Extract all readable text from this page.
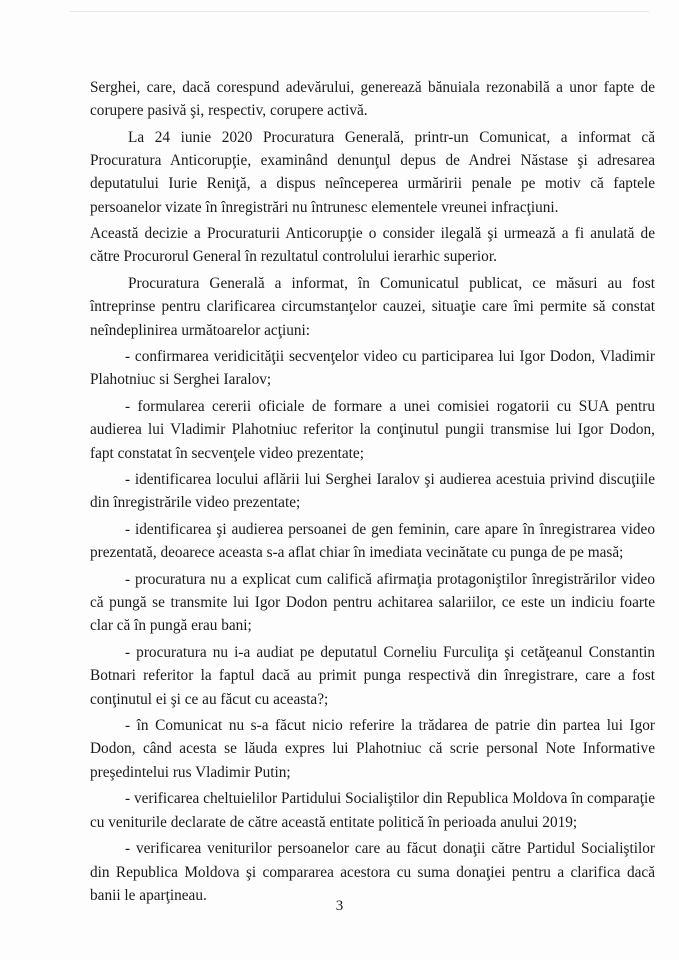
Serghei, care, dacă corespund adevărului, generează bănuiala rezonabilă a unor fapte de corupere pasivă şi, respectiv, corupere activă.

La 24 iunie 2020 Procuratura Generală, printr-un Comunicat, a informat că Procuratura Anticorupţie, examinând denunţul depus de Andrei Năstase şi adresarea deputatului Iurie Reniţă, a dispus neînceperea urmăririi penale pe motiv că faptele persoanelor vizate în înregistrări nu întrunesc elementele vreunei infracţiuni.

Această decizie a Procuraturii Anticorupţie o consider ilegală şi urmează a fi anulată de către Procurorul General în rezultatul controlului ierarhic superior.

Procuratura Generală a informat, în Comunicatul publicat, ce măsuri au fost întreprinse pentru clarificarea circumstanţelor cauzei, situaţie care îmi permite să constat neîndeplinirea următoarelor acţiuni:

- confirmarea veridicităţii secvenţelor video cu participarea lui Igor Dodon, Vladimir Plahotniuc si Serghei Iaralov;

- formularea cererii oficiale de formare a unei comisiei rogatorii cu SUA pentru audierea lui Vladimir Plahotniuc referitor la conţinutul pungii transmise lui Igor Dodon, fapt constatat în secvenţele video prezentate;

- identificarea locului aflării lui Serghei Iaralov şi audierea acestuia privind discuţiile din înregistrările video prezentate;

- identificarea şi audierea persoanei de gen feminin, care apare în înregistrarea video prezentată, deoarece aceasta s-a aflat chiar în imediata vecinătate cu punga de pe masă;

- procuratura nu a explicat cum califică afirmaţia protagoniştilor înregistrărilor video că pungă se transmite lui Igor Dodon pentru achitarea salariilor, ce este un indiciu foarte clar că în pungă erau bani;

- procuratura nu i-a audiat pe deputatul Corneliu Furculiţa şi cetăţeanul Constantin Botnari referitor la faptul dacă au primit punga respectivă din înregistrare, care a fost conţinutul ei şi ce au făcut cu aceasta?;

- în Comunicat nu s-a făcut nicio referire la trădarea de patrie din partea lui Igor Dodon, când acesta se lăuda expres lui Plahotniuc că scrie personal Note Informative preşedintelui rus Vladimir Putin;

- verificarea cheltuielilor Partidului Socialiştilor din Republica Moldova în comparaţie cu veniturile declarate de către această entitate politică în perioada anului 2019;

- verificarea veniturilor persoanelor care au făcut donaţii către Partidul Socialiştilor din Republica Moldova şi compararea acestora cu suma donaţiei pentru a clarifica dacă banii le aparţineau.

3
